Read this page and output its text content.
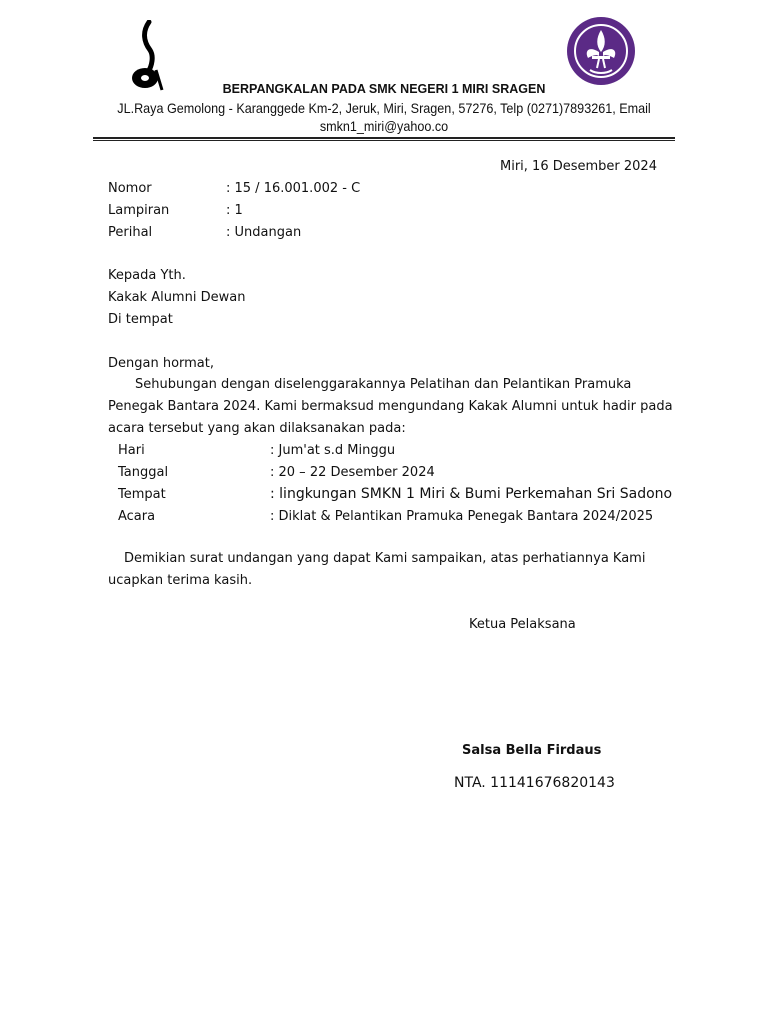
BERPANGKALAN PADA SMK NEGERI 1 MIRI SRAGEN
JL.Raya Gemolong - Karanggede Km-2, Jeruk, Miri, Sragen, 57276, Telp (0271)7893261, Email
smkn1_miri@yahoo.co
Miri, 16 Desember 2024
Nomor	: 15 / 16.001.002 - C
Lampiran	: 1
Perihal	: Undangan
Kepada Yth.
Kakak Alumni Dewan
Di tempat
Dengan hormat,
Sehubungan dengan diselenggarakannya Pelatihan dan Pelantikan Pramuka Penegak Bantara 2024. Kami bermaksud mengundang Kakak Alumni untuk hadir pada acara tersebut yang akan dilaksanakan pada:
Hari	: Jum'at s.d Minggu
Tanggal	: 20 – 22 Desember 2024
Tempat	: lingkungan SMKN 1 Miri & Bumi Perkemahan Sri Sadono
Acara	: Diklat & Pelantikan Pramuka Penegak Bantara 2024/2025
Demikian surat undangan yang dapat Kami sampaikan, atas perhatiannya Kami ucapkan terima kasih.
Ketua Pelaksana
Salsa Bella Firdaus
NTA. 11141676820143
